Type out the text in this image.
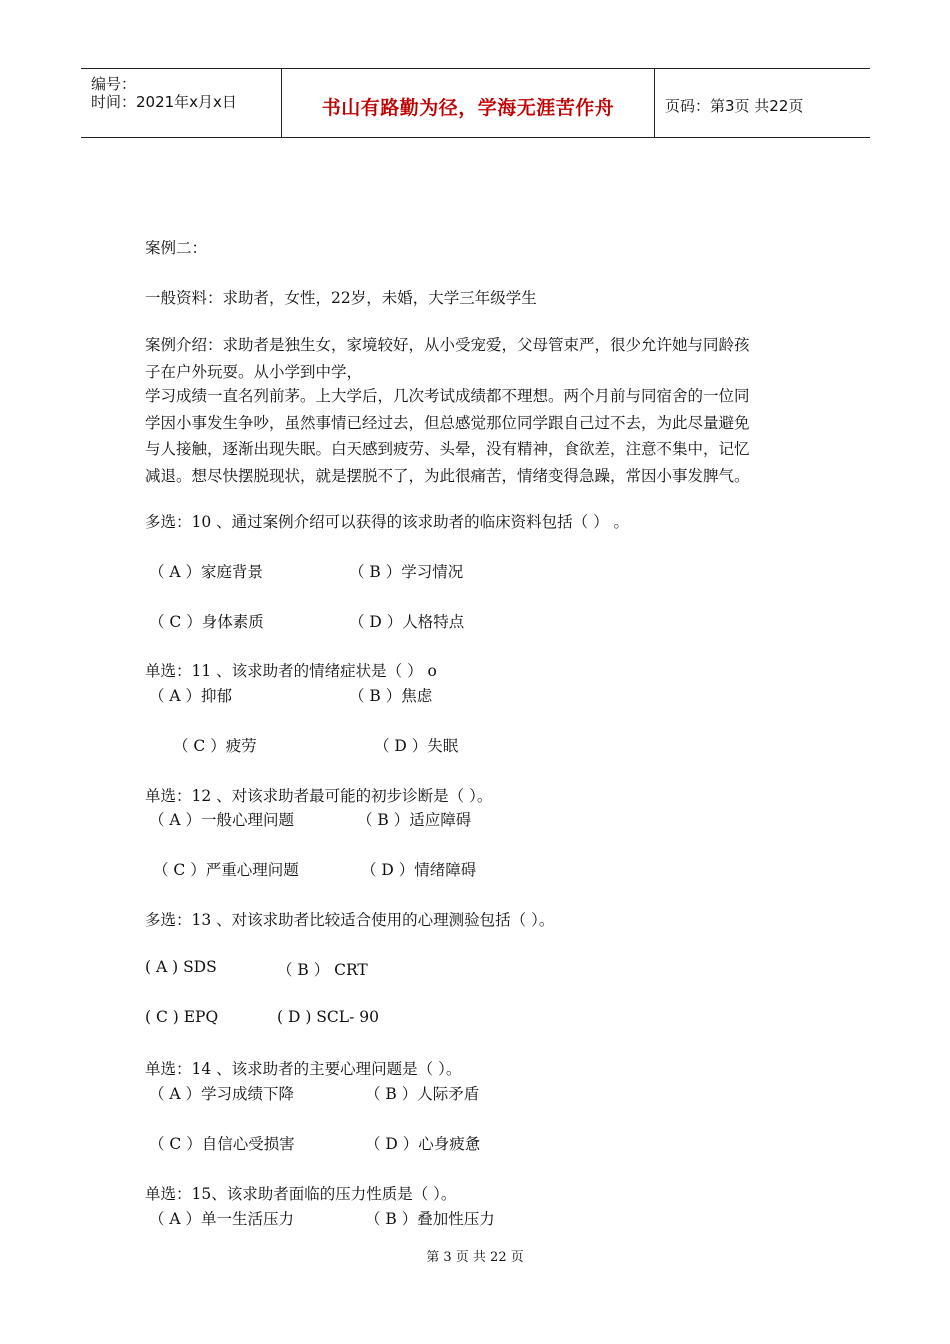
编号：
时间：2021年x月x日	书山有路勤为径，学海无涯苦作舟	页码：第3页 共22页
案例二：
一般资料：求助者，女性，22岁，未婚，大学三年级学生
案例介绍：求助者是独生女，家境较好，从小受宠爱，父母管束严，很少允许她与同龄孩
子在户外玩耍。从小学到中学，
学习成绩一直名列前茅。上大学后，几次考试成绩都不理想。两个月前与同宿舍的一位同
学因小事发生争吵，虽然事情已经过去，但总感觉那位同学跟自己过不去，为此尽量避免
与人接触，逐渐出现失眠。白天感到疲劳、头晕，没有精神，食欲差，注意不集中，记忆
减退。想尽快摆脱现状，就是摆脱不了，为此很痛苦，情绪变得急躁，常因小事发脾气。
多选：10 、通过案例介绍可以获得的该求助者的临床资料包括（ ） 。
（ A ）家庭背景	（ B ）学习情况
（ C ）身体素质	（ D ）人格特点
单选：11 、该求助者的情绪症状是（ ） o
（ A ）抑郁	（ B ）焦虑
（ C ）疲劳	（ D ）失眠
单选：12 、对该求助者最可能的初步诊断是（ ）。
（ A ）一般心理问题	（ B ）适应障碍
（ C ）严重心理问题	（ D ）情绪障碍
多选：13 、对该求助者比较适合使用的心理测验包括（ ）。
( A ) SDS	（ B ） CRT
( C ) EPQ	( D ) SCL- 90
单选：14 、该求助者的主要心理问题是（ ）。
（ A ）学习成绩下降	（ B ）人际矛盾
（ C ）自信心受损害	（ D ）心身疲惫
单选：15、该求助者面临的压力性质是（ ）。
（ A ）单一生活压力	（ B ）叠加性压力
第 3 页 共 22 页
